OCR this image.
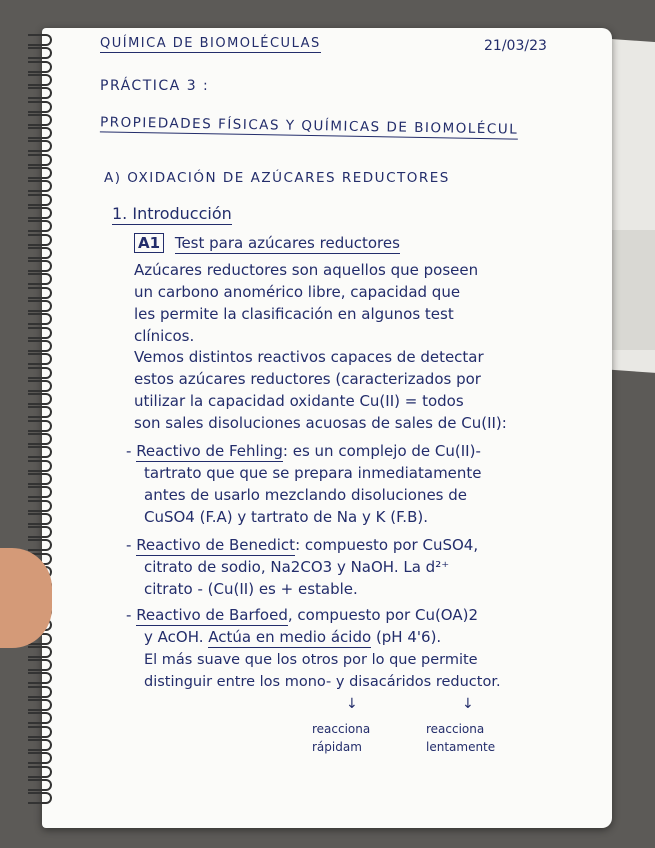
QUÍMICA DE BIOMOLÉCULAS	21/03/23
PRÁCTICA 3 :
PROPIEDADES FÍSICAS Y QUÍMICAS DE BIOMOLÉCUL
A) OXIDACIÓN DE AZÚCARES REDUCTORES
1. Introducción
A1 Test para azúcares reductores
Azúcares reductores son aquellos que poseen
un carbono anomérico libre, capacidad que
les permite la clasificación en algunos test
clínicos.
Vemos distintos reactivos capaces de detectar
estos azúcares reductores (caracterizados por
utilizar la capacidad oxidante Cu(II) = todos
son sales disoluciones acuosas de sales de Cu(II):
- Reactivo de Fehling: es un complejo de Cu(II)-
tartrato que que se prepara inmediatamente
antes de usarlo mezclando disoluciones de
CuSO4 (F.A) y tartrato de Na y K (F.B).
- Reactivo de Benedict: compuesto por CuSO4,
citrato de sodio, Na2CO3 y NaOH. La d²⁺
citrato - (Cu(II) es + estable.
- Reactivo de Barfoed, compuesto por Cu(OA)2
y AcOH. Actúa en medio ácido (pH 4'6).
El más suave que los otros por lo que permite
distinguir entre los mono- y disacáridos reductor.
↓	↓
reacciona
rápidam
reacciona
lentamente
